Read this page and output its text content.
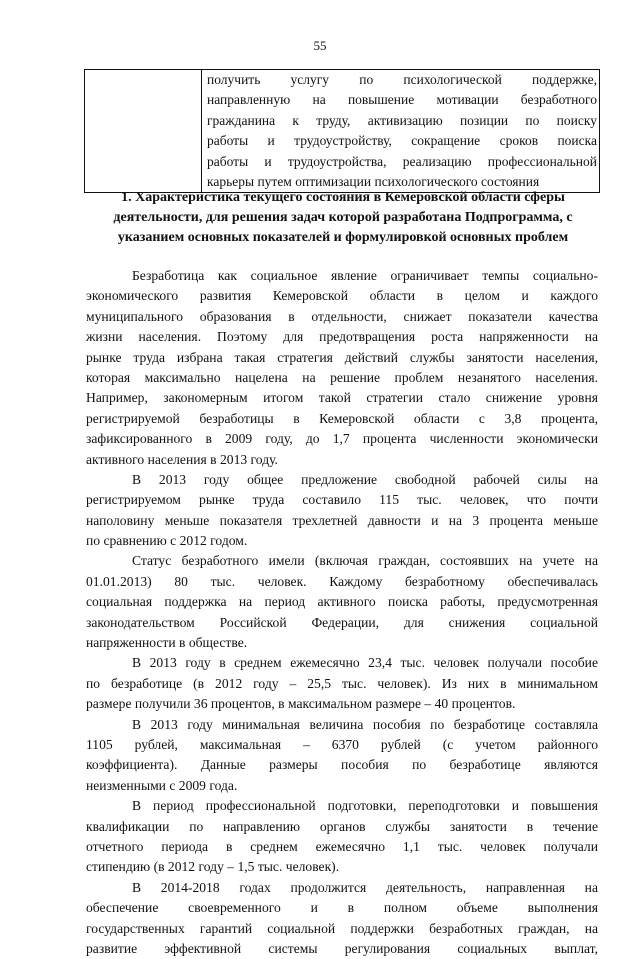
55

получить услугу по психологической поддержке,
направленную на повышение мотивации безработного
гражданина к труду, активизацию позиции по поиску
работы и трудоустройству, сокращение сроков поиска
работы и трудоустройства, реализацию профессиональной
карьеры путем оптимизации психологического состояния
1. Характеристика текущего состояния в Кемеровской области сферы
деятельности, для решения задач которой разработана Подпрограмма, с
указанием основных показателей и формулировкой основных проблем
Безработица как социальное явление ограничивает темпы социально-
экономического развития Кемеровской области в целом и каждого
муниципального образования в отдельности, снижает показатели качества
жизни населения. Поэтому для предотвращения роста напряженности на
рынке труда избрана такая стратегия действий службы занятости населения,
которая максимально нацелена на решение проблем незанятого населения.
Например, закономерным итогом такой стратегии стало снижение уровня
регистрируемой безработицы в Кемеровской области с 3,8 процента,
зафиксированного в 2009 году, до 1,7 процента численности экономически
активного населения в 2013 году.
В 2013 году общее предложение свободной рабочей силы на
регистрируемом рынке труда составило 115 тыс. человек, что почти
наполовину меньше показателя трехлетней давности и на 3 процента меньше
по сравнению с 2012 годом.
Статус безработного имели (включая граждан, состоявших на учете на
01.01.2013) 80 тыс. человек. Каждому безработному обеспечивалась
социальная поддержка на период активного поиска работы, предусмотренная
законодательством Российской Федерации, для снижения социальной
напряженности в обществе.
В 2013 году в среднем ежемесячно 23,4 тыс. человек получали пособие
по безработице (в 2012 году – 25,5 тыс. человек). Из них в минимальном
размере получили 36 процентов, в максимальном размере – 40 процентов.
В 2013 году минимальная величина пособия по безработице составляла
1105 рублей, максимальная – 6370 рублей (с учетом районного
коэффициента). Данные размеры пособия по безработице являются
неизменными с 2009 года.
В период профессиональной подготовки, переподготовки и повышения
квалификации по направлению органов службы занятости в течение
отчетного периода в среднем ежемесячно 1,1 тыс. человек получали
стипендию (в 2012 году – 1,5 тыс. человек).
В 2014-2018 годах продолжится деятельность, направленная на
обеспечение своевременного и в полном объеме выполнения
государственных гарантий социальной поддержки безработных граждан, на
развитие эффективной системы регулирования социальных выплат,
